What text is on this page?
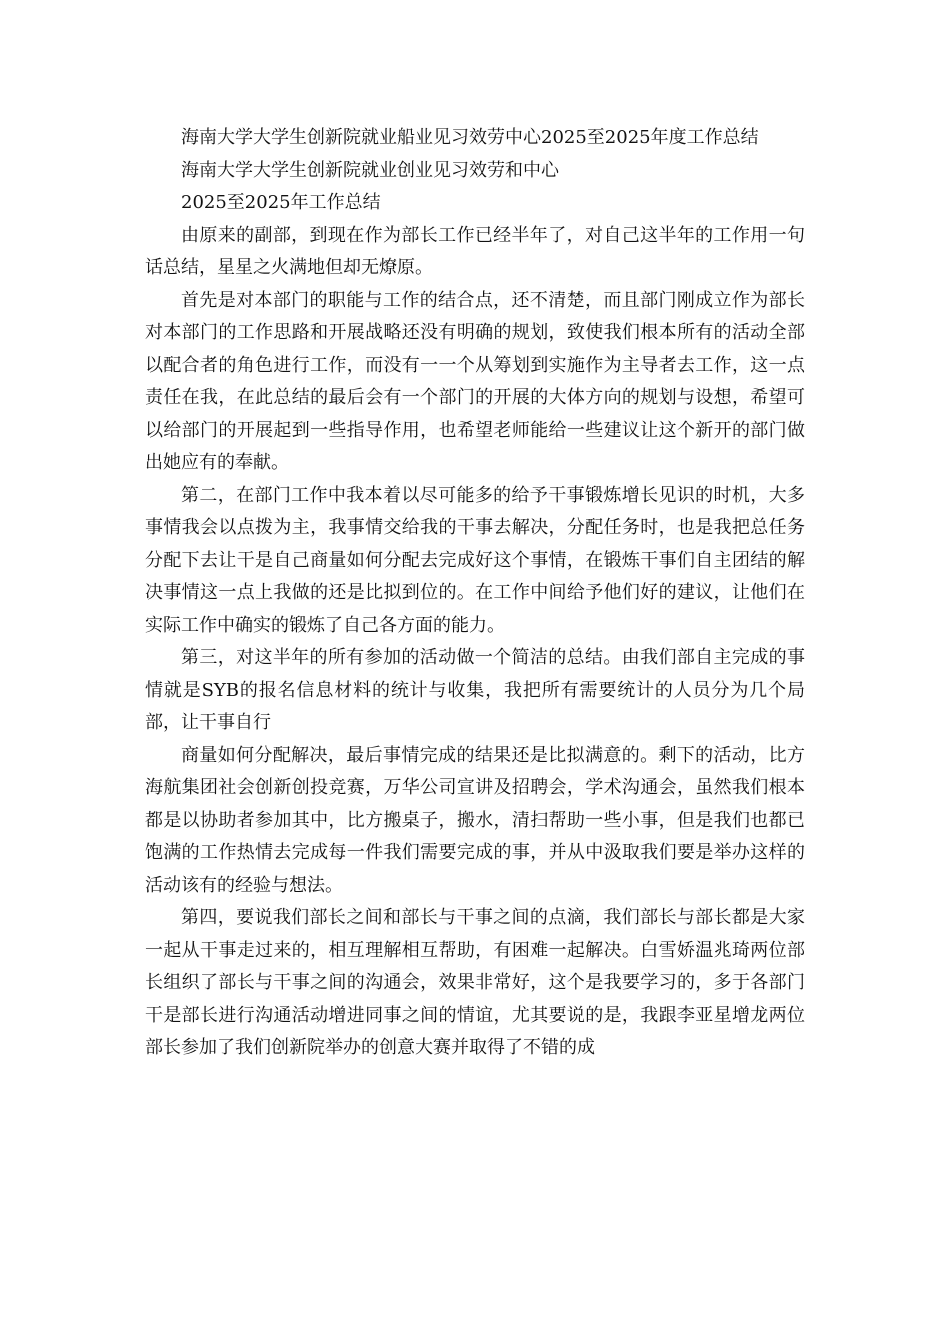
海南大学大学生创新院就业船业见习效劳中心2025至2025年度工作总结

海南大学大学生创新院就业创业见习效劳和中心

2025至2025年工作总结

由原来的副部，到现在作为部长工作已经半年了，对自己这半年的工作用一句话总结，星星之火满地但却无燎原。

首先是对本部门的职能与工作的结合点，还不清楚，而且部门刚成立作为部长对本部门的工作思路和开展战略还没有明确的规划，致使我们根本所有的活动全部以配合者的角色进行工作，而没有一一个从筹划到实施作为主导者去工作，这一点责任在我，在此总结的最后会有一个部门的开展的大体方向的规划与设想，希望可以给部门的开展起到一些指导作用，也希望老师能给一些建议让这个新开的部门做出她应有的奉献。

第二，在部门工作中我本着以尽可能多的给予干事锻炼增长见识的时机，大多事情我会以点拨为主，我事情交给我的干事去解决，分配任务时，也是我把总任务分配下去让干是自己商量如何分配去完成好这个事情，在锻炼干事们自主团结的解决事情这一点上我做的还是比拟到位的。在工作中间给予他们好的建议，让他们在实际工作中确实的锻炼了自己各方面的能力。

第三，对这半年的所有参加的活动做一个简洁的总结。由我们部自主完成的事情就是SYB的报名信息材料的统计与收集，我把所有需要统计的人员分为几个局部，让干事自行

商量如何分配解决，最后事情完成的结果还是比拟满意的。剩下的活动，比方海航集团社会创新创投竞赛，万华公司宣讲及招聘会，学术沟通会，虽然我们根本都是以协助者参加其中，比方搬桌子，搬水，清扫帮助一些小事，但是我们也都已饱满的工作热情去完成每一件我们需要完成的事，并从中汲取我们要是举办这样的活动该有的经验与想法。

第四，要说我们部长之间和部长与干事之间的点滴，我们部长与部长都是大家一起从干事走过来的，相互理解相互帮助，有困难一起解决。白雪娇温兆琦两位部长组织了部长与干事之间的沟通会，效果非常好，这个是我要学习的，多于各部门干是部长进行沟通活动增进同事之间的情谊，尤其要说的是，我跟李亚星增龙两位部长参加了我们创新院举办的创意大赛并取得了不错的成
